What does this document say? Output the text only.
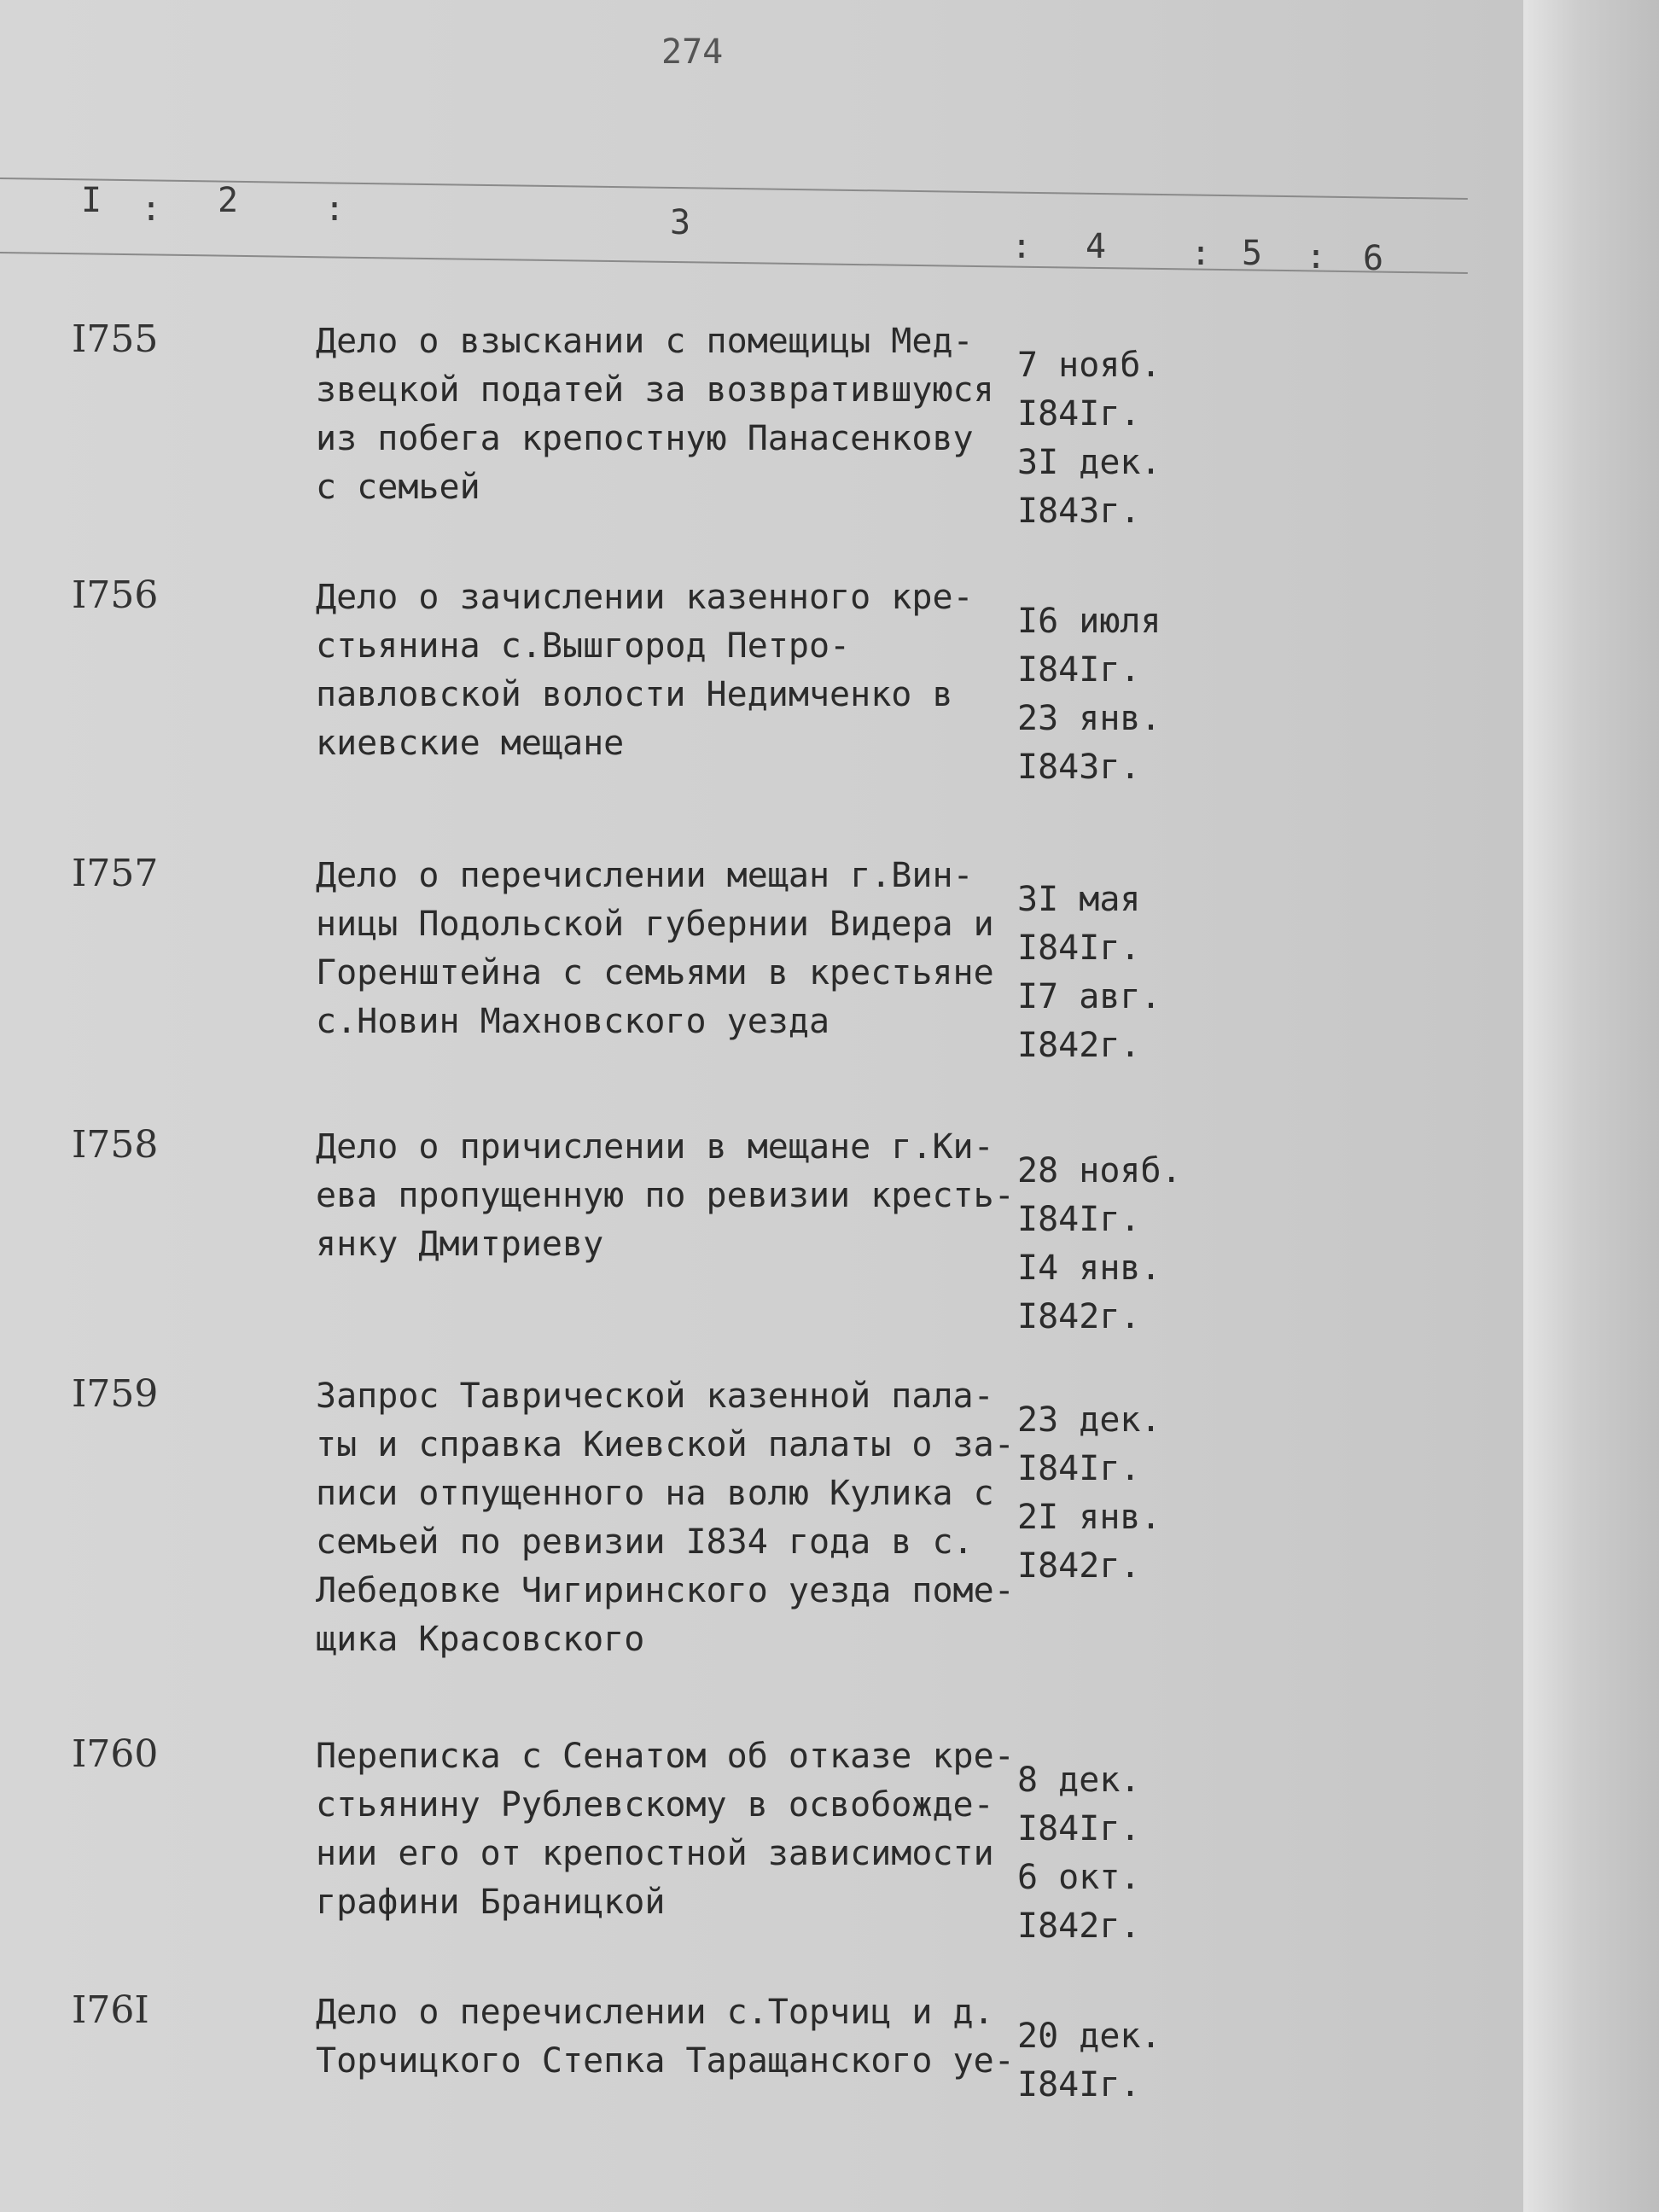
274
I : 2	:	3
: 4 : 5 : 6
I755	Дело о взыскании с помещицы Мед-
звецкой податей за возвратившуюся
из побега крепостную Панасенкову
с семьей
7 нояб.
I84Iг.
3I дек.
I843г.
I756	Дело о зачислении казенного кре-
стьянина с.Вышгород Петро-
павловской волости Недимченко в
киевские мещане
I6 июля
I84Iг.
23 янв.
I843г.
I757	Дело о перечислении мещан г.Вин-
ницы Подольской губернии Видера и
Горенштейна с семьями в крестьяне
с.Новин Махновского уезда
3I мая
I84Iг.
I7 авг.
I842г.
I758	Дело о причислении в мещане г.Ки-
ева пропущенную по ревизии кресть-
янку Дмитриеву
28 нояб.
I84Iг.
I4 янв.
I842г.
I759	Запрос Таврической казенной пала-
ты и справка Киевской палаты о за-
писи отпущенного на волю Кулика с
семьей по ревизии I834 года в с.
Лебедовке Чигиринского уезда поме-
щика Красовского
23 дек.
I84Iг.
2I янв.
I842г.
I760	Переписка с Сенатом об отказе кре-
стьянину Рублевскому в освобожде-
нии его от крепостной зависимости
графини Браницкой
8 дек.
I84Iг.
6 окт.
I842г.
I76I	Дело о перечислении с.Торчиц и д.
Торчицкого Степка Таращанского уе-
20 дек.
I84Iг.
